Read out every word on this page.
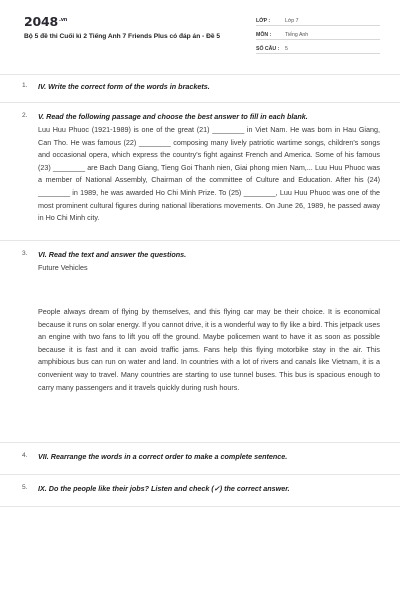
$2048^{.vn}$
Bộ 5 đề thi Cuối kì 2 Tiếng Anh 7 Friends Plus có đáp án - Đề 5
LỚP :	Lớp 7
MÔN :	Tiếng Anh
SỐ CÂU : 5
1. IV. Write the correct form of the words in brackets.
2. V. Read the following passage and choose the best answer to fill in each blank.

Luu Huu Phuoc (1921-1989) is one of the great (21) ________ in Viet Nam. He was born in Hau Giang, Can Tho. He was famous (22) ________ composing many lively patriotic wartime songs, children's songs and occasional opera, which express the country's fight against French and America. Some of his famous (23) ________ are Bach Dang Giang, Tieng Goi Thanh nien, Giai phong mien Nam,... Luu Huu Phuoc was a member of National Assembly, Chairman of the committee of Culture and Education. After his (24) ________ in 1989, he was awarded Ho Chi Minh Prize. To (25) ________, Luu Huu Phuoc was one of the most prominent cultural figures during national liberations movements. On June 26, 1989, he passed away in Ho Chi Minh city.

3. VI. Read the text and answer the questions.

Future Vehicles

People always dream of flying by themselves, and this flying car may be their choice. It is economical because it runs on solar energy. If you cannot drive, it is a wonderful way to fly like a bird. This jetpack uses an engine with two fans to lift you off the ground. Maybe policemen want to have it as soon as possible because it is fast and it can avoid traffic jams. Fans help this flying motorbike stay in the air. This amphibious bus can run on water and land. In countries with a lot of rivers and canals like Vietnam, it is a convenient way to travel. Many countries are starting to use tunnel buses. This bus is spacious enough to carry many passengers and it travels quickly during rush hours.

4. VII. Rearrange the words in a correct order to make a complete sentence.
5. IX. Do the people like their jobs? Listen and check (✓) the correct answer.
